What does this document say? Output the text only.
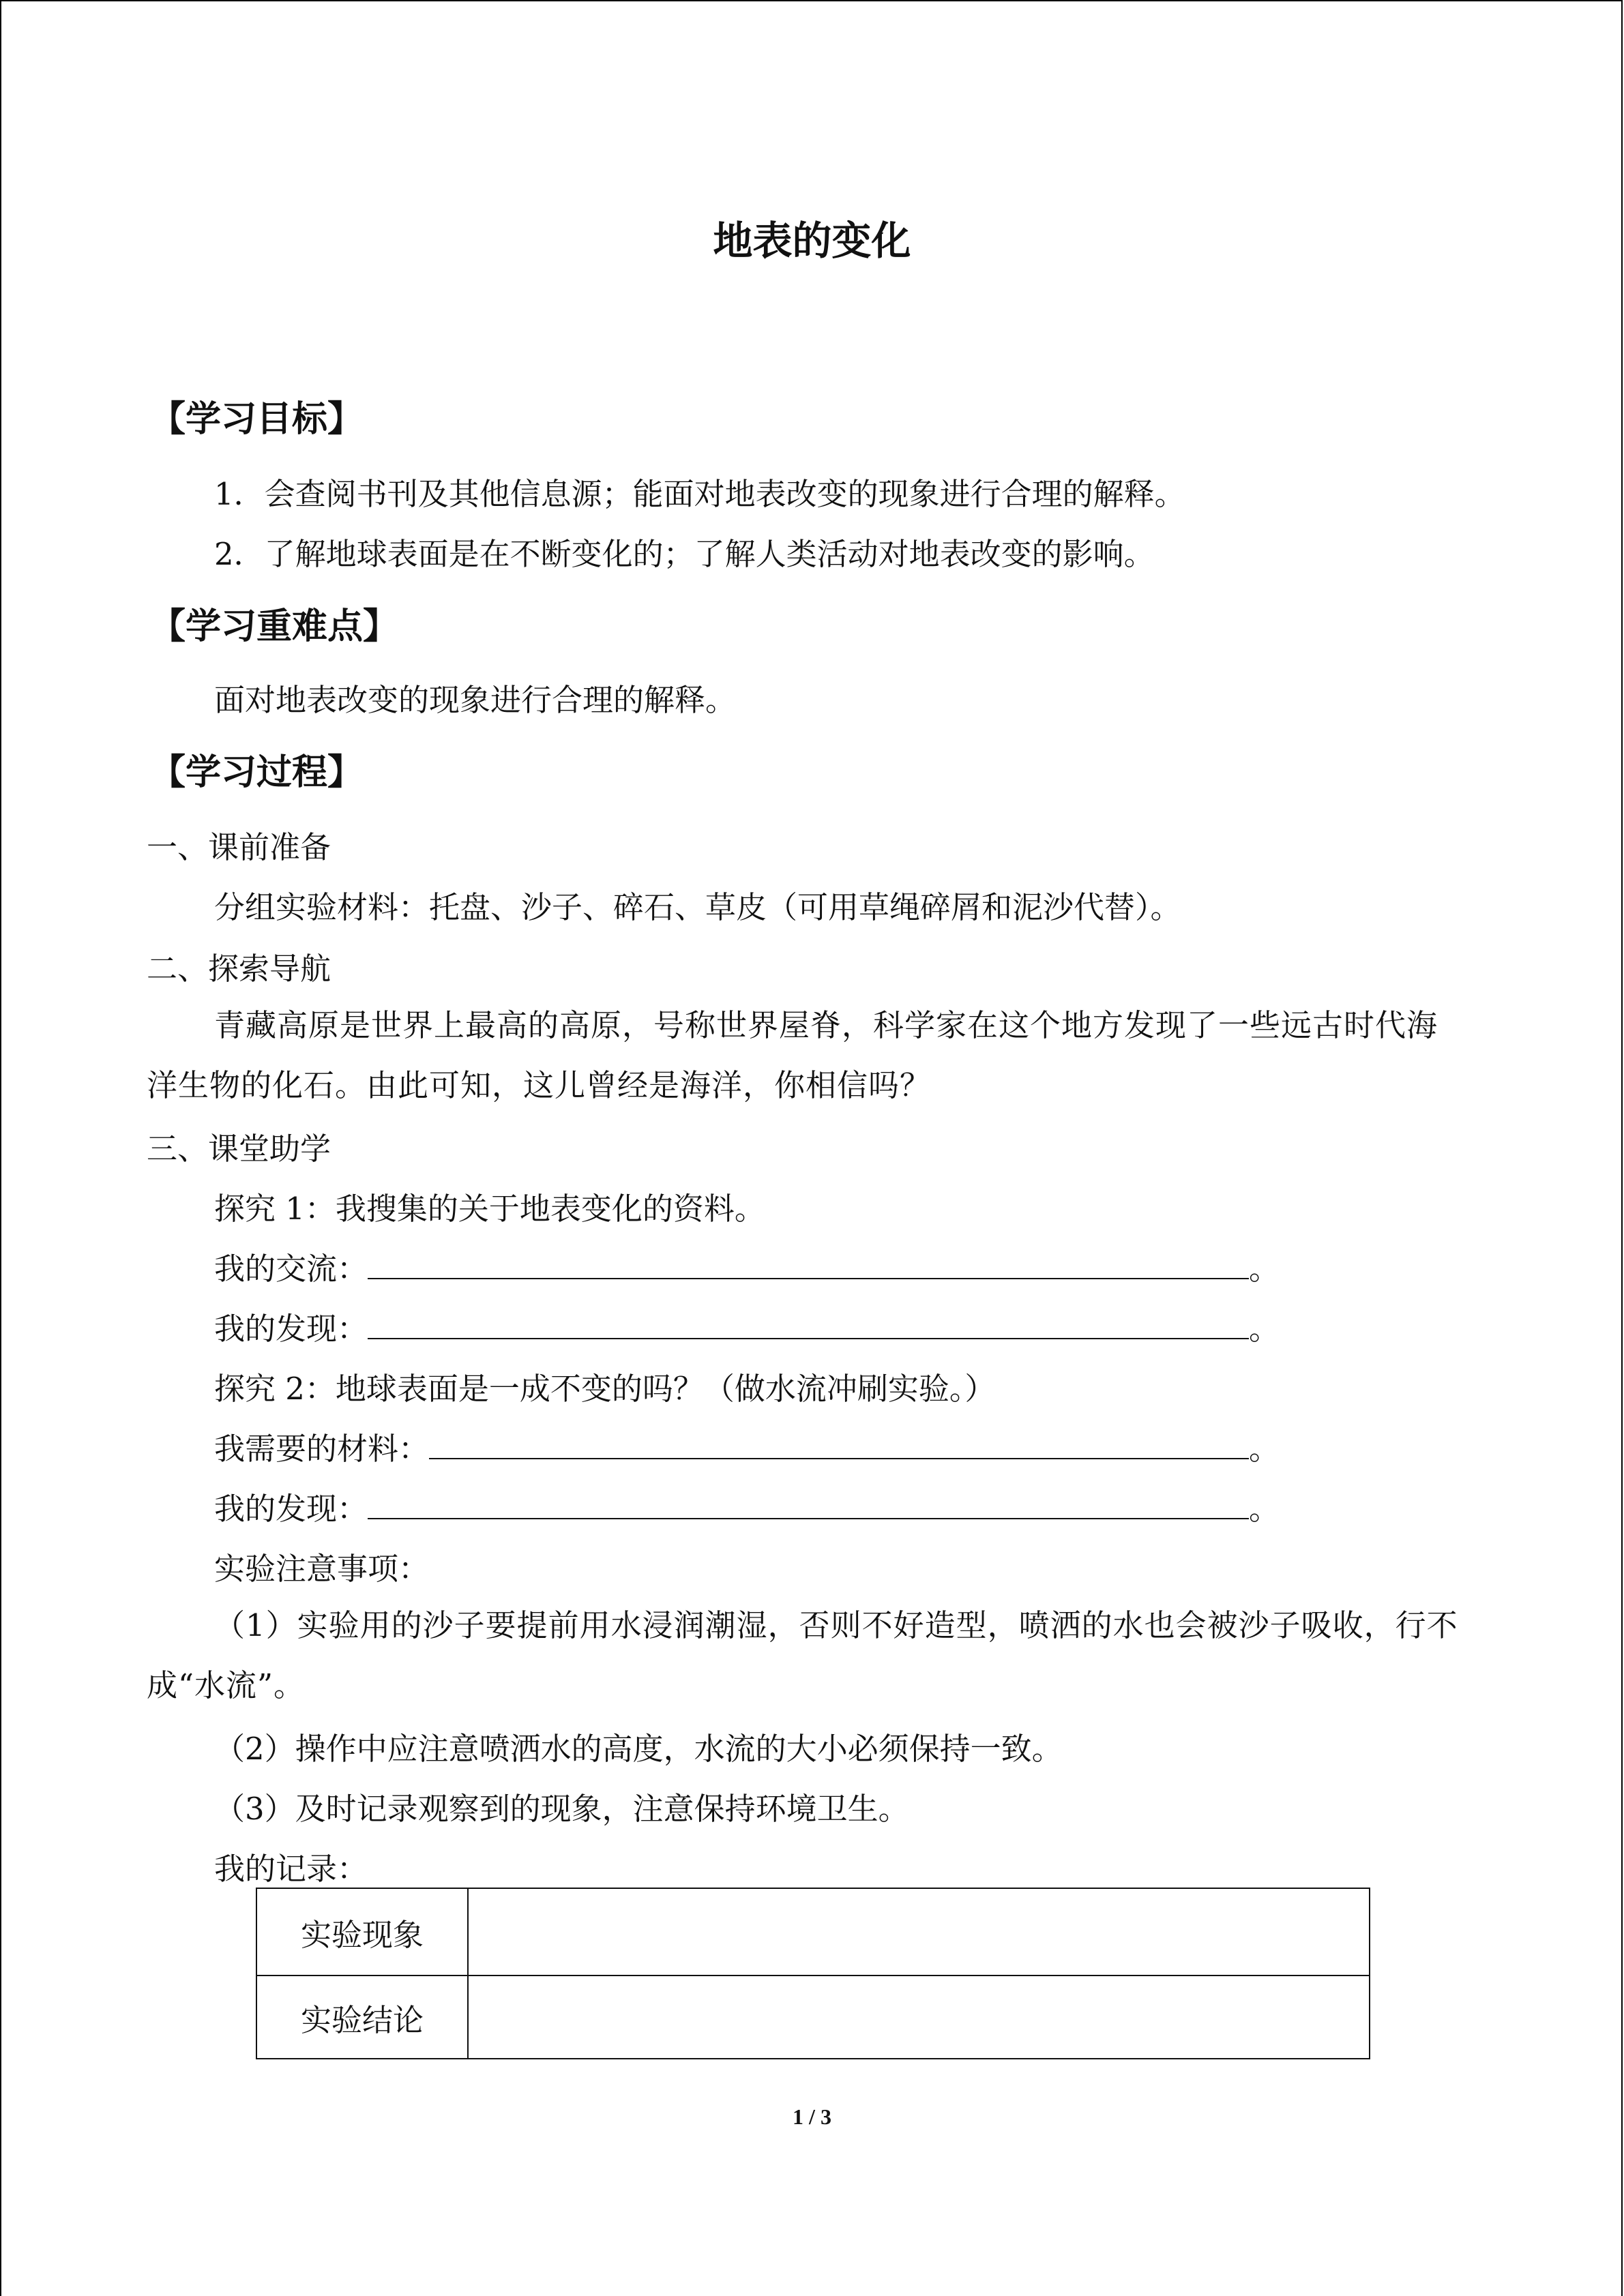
地表的变化
【学习目标】
1．会查阅书刊及其他信息源；能面对地表改变的现象进行合理的解释。
2．了解地球表面是在不断变化的；了解人类活动对地表改变的影响。
【学习重难点】
面对地表改变的现象进行合理的解释。
【学习过程】
一、课前准备
分组实验材料：托盘、沙子、碎石、草皮（可用草绳碎屑和泥沙代替）。
二、探索导航
青藏高原是世界上最高的高原，号称世界屋脊，科学家在这个地方发现了一些远古时代海洋生物的化石。由此可知，这儿曾经是海洋，你相信吗？
三、课堂助学
探究 1：我搜集的关于地表变化的资料。
我的交流：	。
我的发现：	。
探究 2：地球表面是一成不变的吗？（做水流冲刷实验。）
我需要的材料：	。
我的发现：	。
实验注意事项：
（1）实验用的沙子要提前用水浸润潮湿，否则不好造型，喷洒的水也会被沙子吸收，行不成“水流”。
（2）操作中应注意喷洒水的高度，水流的大小必须保持一致。
（3）及时记录观察到的现象，注意保持环境卫生。
我的记录：
实验现象	
实验结论	
1 / 3
